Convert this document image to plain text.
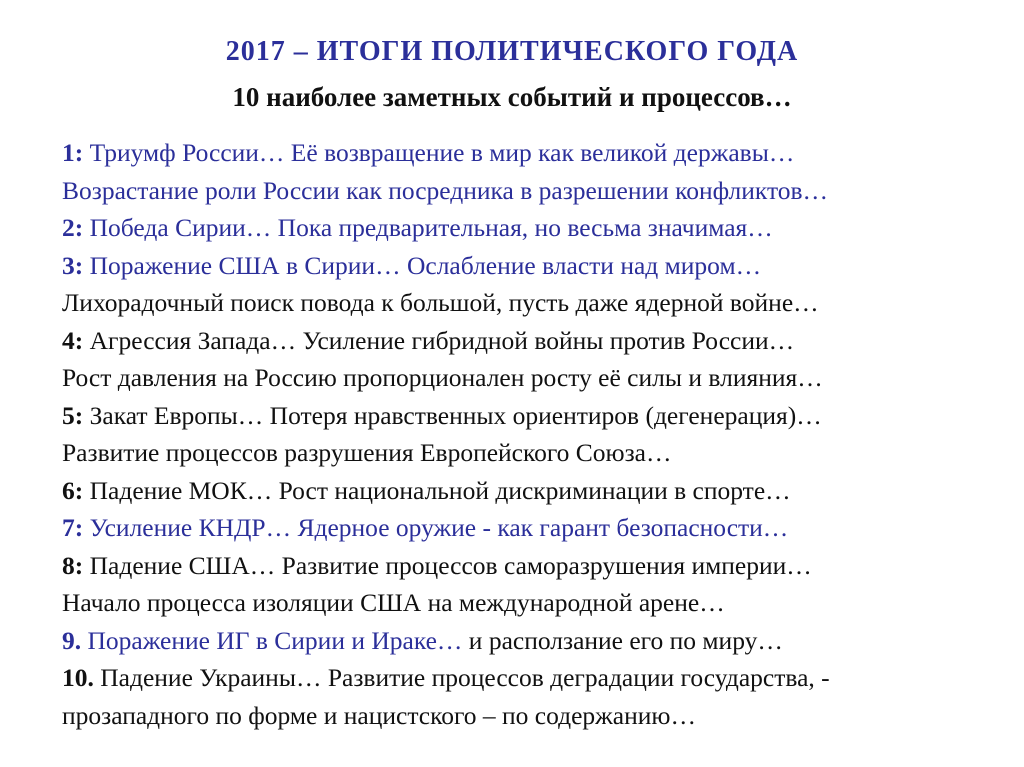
2017 – ИТОГИ ПОЛИТИЧЕСКОГО ГОДА
10 наиболее заметных событий и процессов…
1: Триумф России… Её возвращение в мир как великой державы…
Возрастание роли России как посредника в разрешении конфликтов…
2: Победа Сирии… Пока предварительная, но весьма значимая…
3: Поражение США в Сирии… Ослабление власти над миром…
Лихорадочный поиск повода к большой, пусть даже ядерной войне…
4: Агрессия Запада… Усиление гибридной войны против России…
Рост давления на Россию пропорционален росту её силы и влияния…
5: Закат Европы… Потеря нравственных ориентиров (дегенерация)…
Развитие процессов разрушения Европейского Союза…
6: Падение МОК… Рост национальной дискриминации в спорте…
7: Усиление КНДР… Ядерное оружие - как гарант безопасности…
8: Падение США… Развитие процессов саморазрушения империи…
Начало процесса изоляции США на международной арене…
9. Поражение ИГ в Сирии и Ираке… и расползание его по миру…
10. Падение Украины… Развитие процессов деградации государства, -
прозападного по форме и нацистского – по содержанию…
